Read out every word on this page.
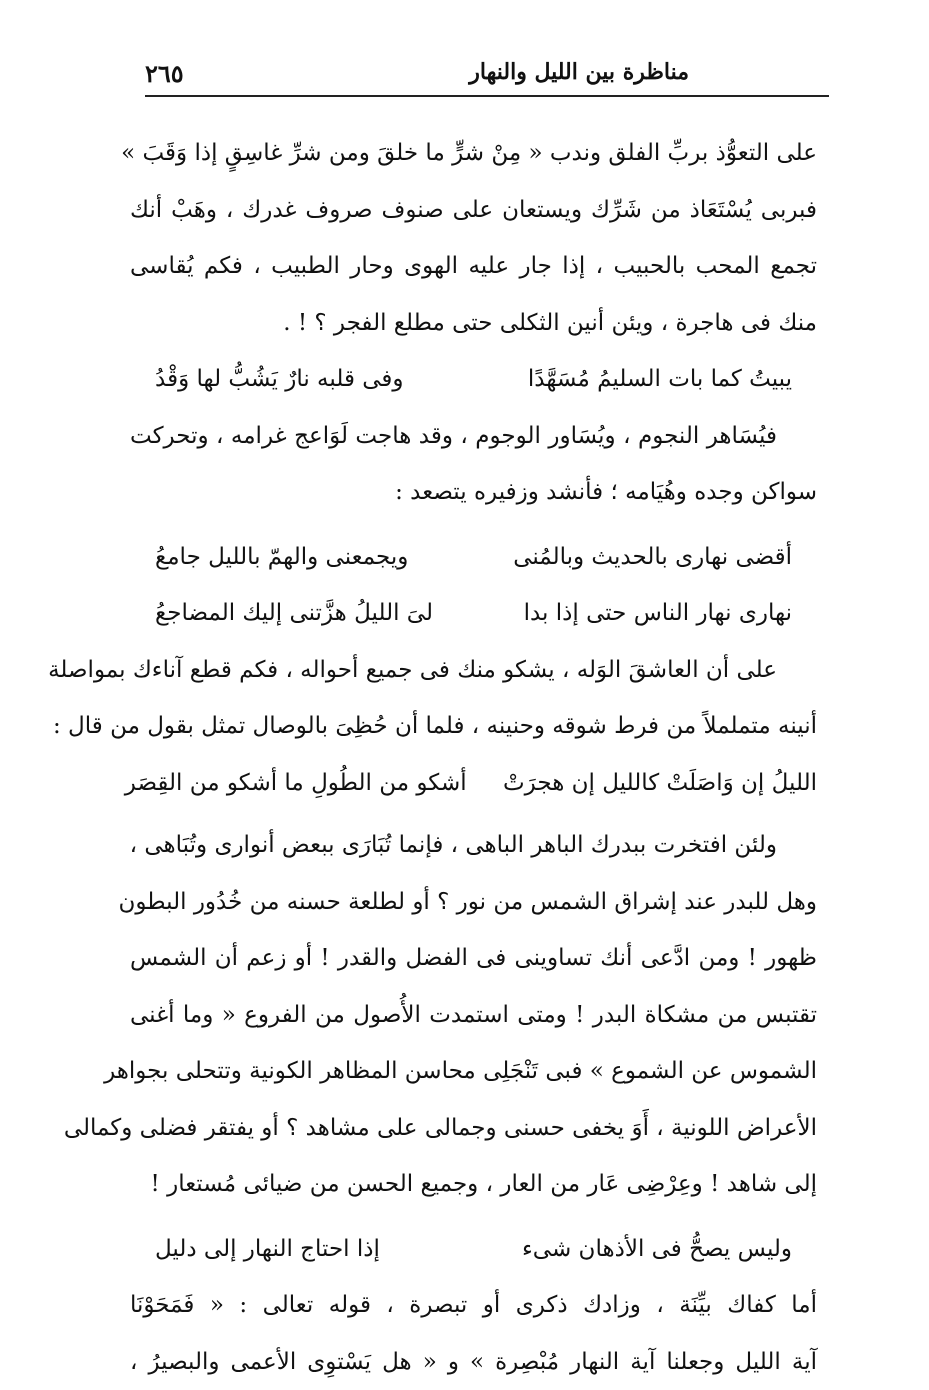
مناظرة بين الليل والنهار
٢٦٥
على التعوُّذ بربِّ الفلق وندب « مِنْ شرٍّ ما خلقَ ومن شرِّ غاسِقٍ إذا وَقَبَ »
فبربى يُسْتَعَاذ من شَرِّك ويستعان على صنوف صروف غدرك ، وهَبْ أنك
تجمع المحب بالحبيب ، إذا جار عليه الهوى وحار الطبيب ، فكم يُقاسى
منك فى هاجرة ، ويئن أنين الثكلى حتى مطلع الفجر ؟ ! .
يبيتُ كما بات السليمُ مُسَهَّدًا
وفى قلبه نارٌ يَشُبُّ لها وَقْدُ
فيُسَاهر النجوم ، ويُسَاور الوجوم ، وقد هاجت لَوَاعج غرامه ، وتحركت
سواكن وجده وهُيَامه ؛ فأنشد وزفيره يتصعد :
أقضى نهارى بالحديث وبالمُنى
ويجمعنى والهمّ بالليل جامعُ
نهارى نهار الناس حتى إذا بدا
لىَ الليلُ هزَّتنى إليك المضاجعُ
على أن العاشقَ الوَله ، يشكو منك فى جميع أحواله ، فكم قطع آناءك بمواصلة
أنينه متململاً من فرط شوقه وحنينه ، فلما أن حُظِىَ بالوصال تمثل بقول من قال :
الليلُ إن وَاصَلَتْ كالليل إن هجرَتْ
أشكو من الطُولِ ما أشكو من القِصَر
ولئن افتخرت ببدرك الباهر الباهى ، فإنما تُبَارَى ببعض أنوارى وتُبَاهى ،
وهل للبدر عند إشراق الشمس من نور ؟ أو لطلعة حسنه من خُدُور البطون
ظهور ! ومن ادَّعى أنك تساوينى فى الفضل والقدر ! أو زعم أن الشمس
تقتبس من مشكاة البدر ! ومتى استمدت الأُصول من الفروع « وما أغنى
الشموس عن الشموع » فبى تَنْجَلِى محاسن المظاهر الكونية وتتحلى بجواهر
الأعراض اللونية ، أَوَ يخفى حسنى وجمالى على مشاهد ؟ أو يفتقر فضلى وكمالى
إلى شاهد ! وعِرْضِى عَار من العار ، وجميع الحسن من ضيائى مُستعار !
وليس يصحُّ فى الأذهان شىء
إذا احتاج النهار إلى دليل
أما كفاك بيِّنَة ، وزادك ذكرى أو تبصرة ، قوله تعالى : « فَمَحَوْنَا
آية الليل وجعلنا آية النهار مُبْصِرة » و « هل يَسْتوِى الأعمى والبصيرُ ،
